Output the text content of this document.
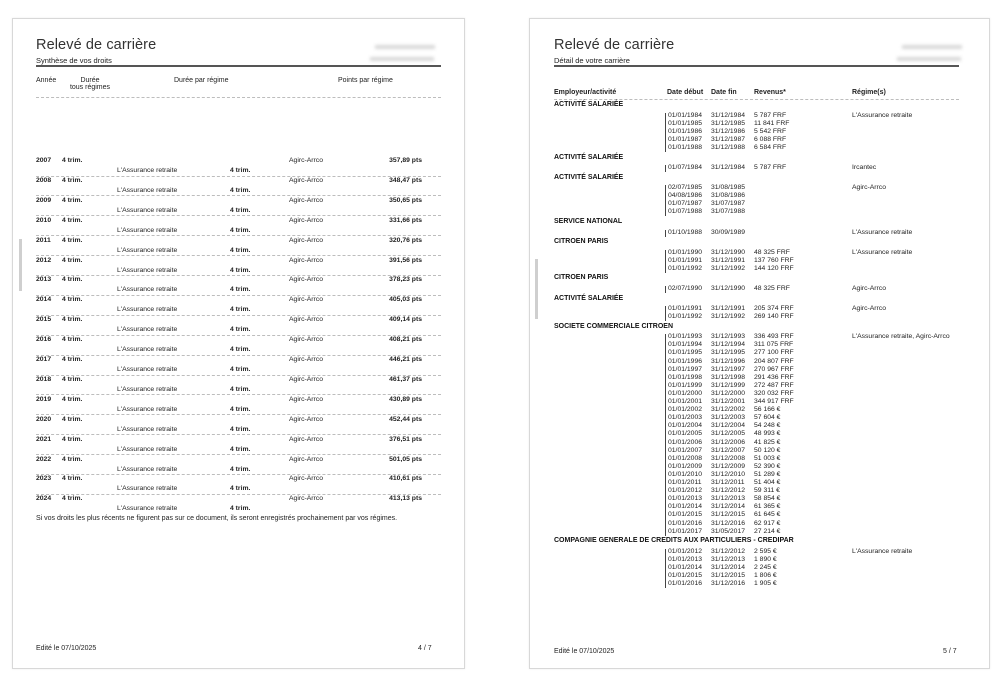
Relevé de carrière
Synthèse de vos droits
Année	Durée
tous régimes
Durée par régime	Points par régime
2007 4 trim.	Agirc-Arrco	357,89 pts
L'Assurance retraite	4 trim.
2008 4 trim.	Agirc-Arrco	348,47 pts
L'Assurance retraite	4 trim.
2009 4 trim.	Agirc-Arrco	350,65 pts
L'Assurance retraite	4 trim.
2010 4 trim.	Agirc-Arrco	331,66 pts
L'Assurance retraite	4 trim.
2011 4 trim.	Agirc-Arrco	320,76 pts
L'Assurance retraite	4 trim.
2012 4 trim.	Agirc-Arrco	391,56 pts
L'Assurance retraite	4 trim.
2013 4 trim.	Agirc-Arrco	378,23 pts
L'Assurance retraite	4 trim.
2014 4 trim.	Agirc-Arrco	405,03 pts
L'Assurance retraite	4 trim.
2015 4 trim.	Agirc-Arrco	409,14 pts
L'Assurance retraite	4 trim.
2016 4 trim.	Agirc-Arrco	408,21 pts
L'Assurance retraite	4 trim.
2017 4 trim.	Agirc-Arrco	446,21 pts
L'Assurance retraite	4 trim.
2018 4 trim.	Agirc-Arrco	461,37 pts
L'Assurance retraite	4 trim.
2019 4 trim.	Agirc-Arrco	430,89 pts
L'Assurance retraite	4 trim.
2020 4 trim.	Agirc-Arrco	452,44 pts
L'Assurance retraite	4 trim.
2021 4 trim.	Agirc-Arrco	376,51 pts
L'Assurance retraite	4 trim.
2022 4 trim.	Agirc-Arrco	501,05 pts
L'Assurance retraite	4 trim.
2023 4 trim.	Agirc-Arrco	410,61 pts
L'Assurance retraite	4 trim.
2024 4 trim.	Agirc-Arrco	413,13 pts
L'Assurance retraite	4 trim.
Si vos droits les plus récents ne figurent pas sur ce document, ils seront enregistrés prochainement par vos régimes.
Edité le 07/10/2025	4 / 7
Relevé de carrière
Détail de votre carrière
Employeur/activité	Date début Date fin Revenus*	Régime(s)
ACTIVITÉ SALARIÉE
L'Assurance retraite
01/01/1984 31/12/1984 5 787 FRF
01/01/1985 31/12/1985 11 841 FRF
01/01/1986 31/12/1986 5 542 FRF
01/01/1987 31/12/1987 6 088 FRF
01/01/1988 31/12/1988 6 584 FRF
ACTIVITÉ SALARIÉE
Ircantec
01/07/1984 31/12/1984 5 787 FRF
ACTIVITÉ SALARIÉE
Agirc-Arrco
02/07/1985 31/08/1985
04/08/1986 31/08/1986
01/07/1987 31/07/1987
01/07/1988 31/07/1988
SERVICE NATIONAL
L'Assurance retraite
01/10/1988 30/09/1989
CITROEN PARIS
L'Assurance retraite
01/01/1990 31/12/1990 48 325 FRF
01/01/1991 31/12/1991 137 760 FRF
01/01/1992 31/12/1992 144 120 FRF
CITROEN PARIS
Agirc-Arrco
02/07/1990 31/12/1990 48 325 FRF
ACTIVITÉ SALARIÉE
Agirc-Arrco
01/01/1991 31/12/1991 205 374 FRF
01/01/1992 31/12/1992 269 140 FRF
SOCIETE COMMERCIALE CITROEN
L'Assurance retraite, Agirc-Arrco
01/01/1993 31/12/1993 336 493 FRF
01/01/1994 31/12/1994 311 075 FRF
01/01/1995 31/12/1995 277 100 FRF
01/01/1996 31/12/1996 204 807 FRF
01/01/1997 31/12/1997 270 967 FRF
01/01/1998 31/12/1998 291 436 FRF
01/01/1999 31/12/1999 272 487 FRF
01/01/2000 31/12/2000 320 032 FRF
01/01/2001 31/12/2001 344 917 FRF
01/01/2002 31/12/2002 56 166 €
01/01/2003 31/12/2003 57 604 €
01/01/2004 31/12/2004 54 248 €
01/01/2005 31/12/2005 48 993 €
01/01/2006 31/12/2006 41 825 €
01/01/2007 31/12/2007 50 120 €
01/01/2008 31/12/2008 51 003 €
01/01/2009 31/12/2009 52 390 €
01/01/2010 31/12/2010 51 289 €
01/01/2011 31/12/2011 51 404 €
01/01/2012 31/12/2012 59 311 €
01/01/2013 31/12/2013 58 854 €
01/01/2014 31/12/2014 61 365 €
01/01/2015 31/12/2015 61 645 €
01/01/2016 31/12/2016 62 917 €
01/01/2017 31/05/2017 27 214 €
COMPAGNIE GENERALE DE CREDITS AUX PARTICULIERS - CREDIPAR
L'Assurance retraite
01/01/2012 31/12/2012 2 595 €
01/01/2013 31/12/2013 1 890 €
01/01/2014 31/12/2014 2 245 €
01/01/2015 31/12/2015 1 806 €
01/01/2016 31/12/2016 1 905 €
Edité le 07/10/2025	5 / 7
